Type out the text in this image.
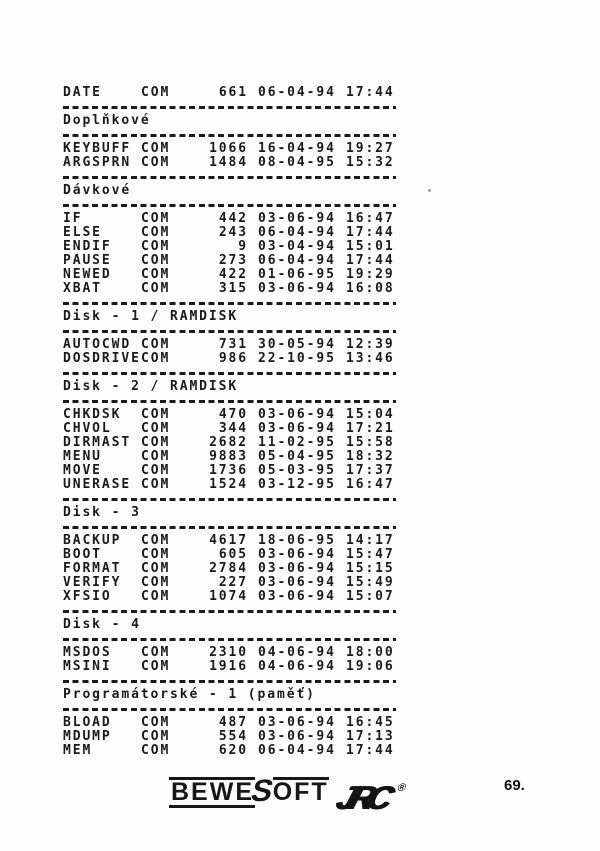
DATE	COM	661 06-04-94 17:44
Doplňkové
KEYBUFF COM	1066 16-04-94 19:27
ARGSPRN COM	1484 08-04-95 15:32
Dávkové
IF	COM	442 03-06-94 16:47
ELSE	COM	243 06-04-94 17:44
ENDIF	COM	9 03-04-94 15:01
PAUSE	COM	273 06-04-94 17:44
NEWED	COM	422 01-06-95 19:29
XBAT	COM	315 03-06-94 16:08
Disk - 1 / RAMDISK
AUTOCWD COM	731 30-05-94 12:39
DOSDRIVE COM	986 22-10-95 13:46
Disk - 2 / RAMDISK
CHKDSK	COM	470 03-06-94 15:04
CHVOL	COM	344 03-06-94 17:21
DIRMAST COM	2682 11-02-95 15:58
MENU	COM	9883 05-04-95 18:32
MOVE	COM	1736 05-03-95 17:37
UNERASE COM	1524 03-12-95 16:47
Disk - 3
BACKUP	COM	4617 18-06-95 14:17
BOOT	COM	605 03-06-94 15:47
FORMAT	COM	2784 03-06-94 15:15
VERIFY	COM	227 03-06-94 15:49
XFSIO	COM	1074 03-06-94 15:07
Disk - 4
MSDOS	COM	2310 04-06-94 18:00
MSINI	COM	1916 04-06-94 19:06
Programátorské - 1 (paměť)
BLOAD	COM	487 03-06-94 16:45
MDUMP	COM	554 03-06-94 17:13
MEM	COM	620 06-04-94 17:44
BEWESOFT JRC ®	69.
